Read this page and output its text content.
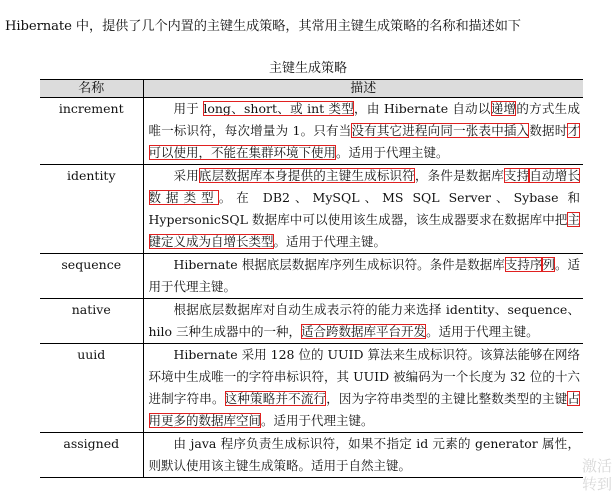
Hibernate 中，提供了几个内置的主键生成策略，其常用主键生成策略的名称和描述如下
主键生成策略
名称	描述
increment	用于 long、short、或 int 类型，由 Hibernate 自动以递增的方式生成唯一标识符，每次增量为 1。只有当没有其它进程向同一张表中插入数据时才可以使用，不能在集群环境下使用。适用于代理主键。
identity	采用底层数据库本身提供的主键生成标识符，条件是数据库支持自动增长数据类型。在 DB2、MySQL、MS SQL Server、Sybase 和 HypersonicSQL 数据库中可以使用该生成器，该生成器要求在数据库中把主键定义成为自增长类型。适用于代理主键。
sequence	Hibernate 根据底层数据库序列生成标识符。条件是数据库支持序列。适用于代理主键。
native	根据底层数据库对自动生成表示符的能力来选择 identity、sequence、hilo 三种生成器中的一种，适合跨数据库平台开发。适用于代理主键。
uuid	Hibernate 采用 128 位的 UUID 算法来生成标识符。该算法能够在网络环境中生成唯一的字符串标识符，其 UUID 被编码为一个长度为 32 位的十六进制字符串。这种策略并不流行，因为字符串类型的主键比整数类型的主键占用更多的数据库空间。适用于代理主键。
assigned	由 java 程序负责生成标识符，如果不指定 id 元素的 generator 属性，则默认使用该主键生成策略。适用于自然主键。	激活
转到
